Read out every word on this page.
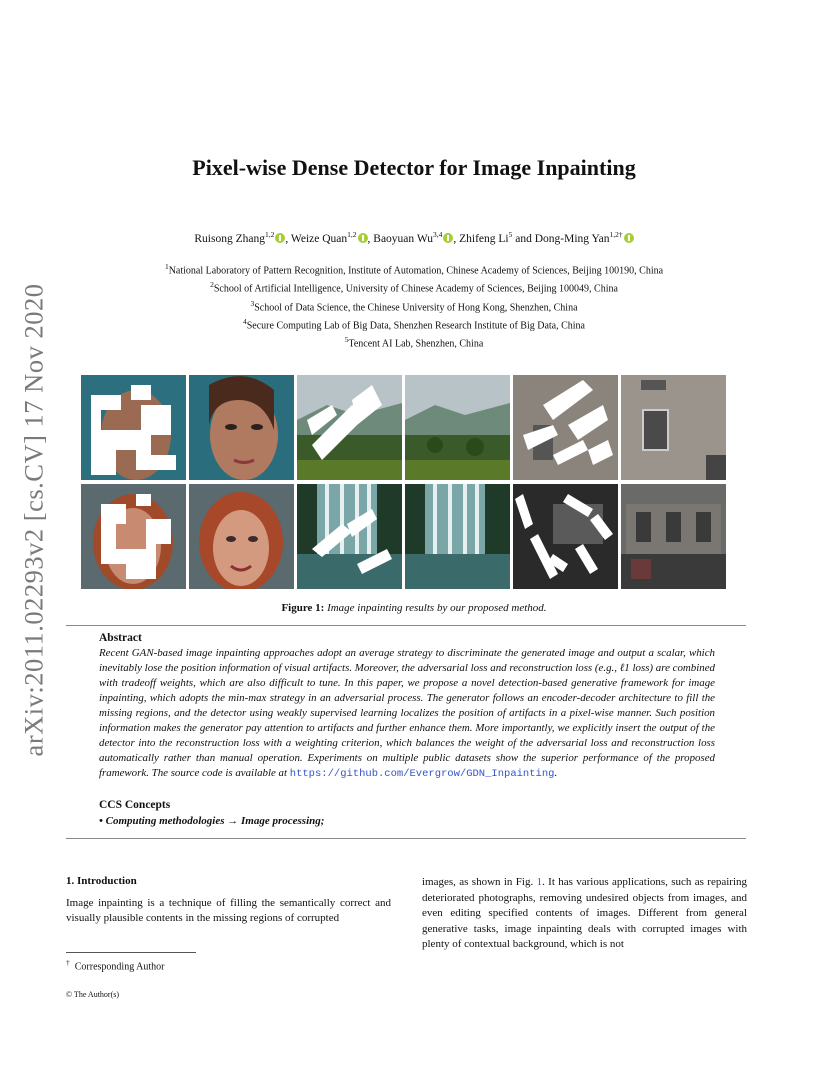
arXiv:2011.02293v2 [cs.CV] 17 Nov 2020
Pixel-wise Dense Detector for Image Inpainting
Ruisong Zhang$^{1,2}$ , Weize Quan$^{1,2}$ , Baoyuan Wu$^{3,4}$ , Zhifeng Li$^5$ and Dong-Ming Yan$^{1,2\dagger}$
$^1$National Laboratory of Pattern Recognition, Institute of Automation, Chinese Academy of Sciences, Beijing 100190, China
$^2$School of Artificial Intelligence, University of Chinese Academy of Sciences, Beijing 100049, China
$^3$School of Data Science, the Chinese University of Hong Kong, Shenzhen, China
$^4$Secure Computing Lab of Big Data, Shenzhen Research Institute of Big Data, China
$^5$Tencent AI Lab, Shenzhen, China
Figure 1: Image inpainting results by our proposed method.
Abstract
Recent GAN-based image inpainting approaches adopt an average strategy to discriminate the generated image and output a scalar, which inevitably lose the position information of visual artifacts. Moreover, the adversarial loss and reconstruction loss (e.g., ℓ1 loss) are combined with tradeoff weights, which are also difficult to tune. In this paper, we propose a novel detection-based generative framework for image inpainting, which adopts the min-max strategy in an adversarial process. The generator follows an encoder-decoder architecture to fill the missing regions, and the detector using weakly supervised learning localizes the position of artifacts in a pixel-wise manner. Such position information makes the generator pay attention to artifacts and further enhance them. More importantly, we explicitly insert the output of the detector into the reconstruction loss with a weighting criterion, which balances the weight of the adversarial loss and reconstruction loss automatically rather than manual operation. Experiments on multiple public datasets show the superior performance of the proposed framework. The source code is available at https://github.com/Evergrow/GDN_Inpainting.
CCS Concepts
• Computing methodologies → Image processing;
1. Introduction
Image inpainting is a technique of filling the semantically correct and visually plausible contents in the missing regions of corrupted
images, as shown in Fig. 1. It has various applications, such as repairing deteriorated photographs, removing undesired objects from images, and even editing specified contents of images. Different from general generative tasks, image inpainting deals with corrupted images with plenty of contextual background, which is not
† Corresponding Author
© The Author(s)
